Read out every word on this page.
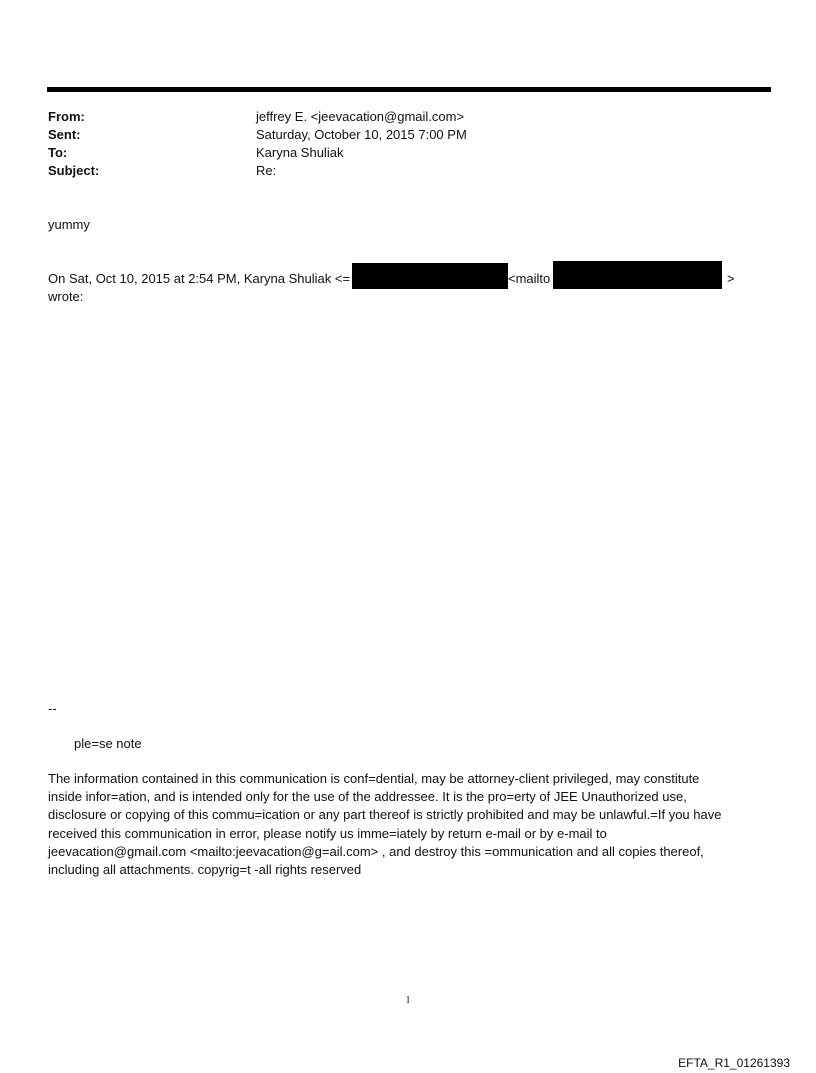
From:	jeffrey E. <jeevacation@gmail.com>
Sent:	Saturday, October 10, 2015 7:00 PM
To:	Karyna Shuliak
Subject:	Re:
yummy
On Sat, Oct 10, 2015 at 2:54 PM, Karyna Shuliak <=	<mailto	>
wrote:
--
ple=se note
The information contained in this communication is conf=dential, may be attorney-client privileged, may constitute
inside infor=ation, and is intended only for the use of the addressee. It is the pro=erty of JEE Unauthorized use,
disclosure or copying of this commu=ication or any part thereof is strictly prohibited and may be unlawful.=If you have
received this communication in error, please notify us imme=iately by return e-mail or by e-mail to
jeevacation@gmail.com <mailto:jeevacation@g=ail.com> , and destroy this =ommunication and all copies thereof,
including all attachments. copyrig=t -all rights reserved
1
EFTA_R1_01261393
